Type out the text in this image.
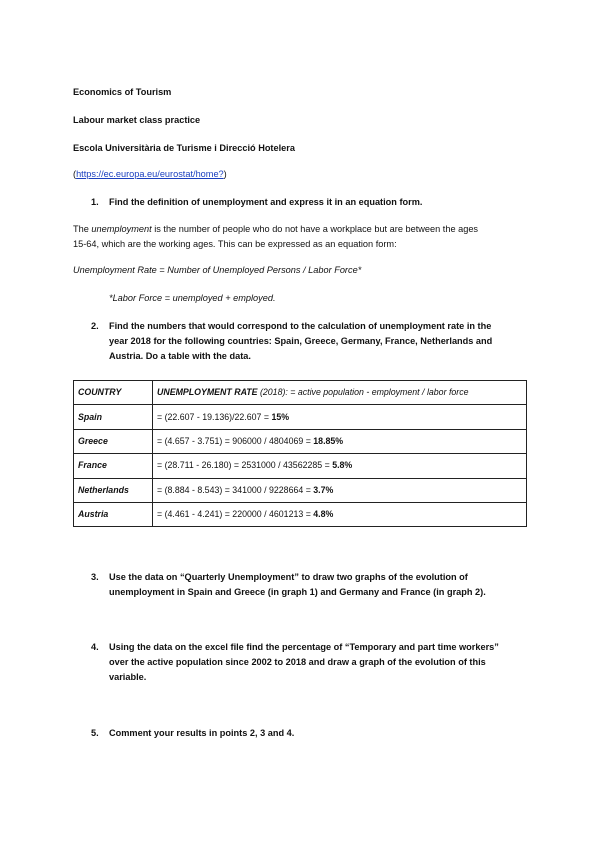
Economics of Tourism
Labour market class practice
Escola Universitària de Turisme i Direcció Hotelera
(https://ec.europa.eu/eurostat/home?)
1. Find the definition of unemployment and express it in an equation form.
The unemployment is the number of people who do not have a workplace but are between the ages
15-64, which are the working ages. This can be expressed as an equation form:
Unemployment Rate = Number of Unemployed Persons / Labor Force*
*Labor Force = unemployed + employed.
2. Find the numbers that would correspond to the calculation of unemployment rate in the
year 2018 for the following countries: Spain, Greece, Germany, France, Netherlands and
Austria. Do a table with the data.
COUNTRY	UNEMPLOYMENT RATE (2018): = active population - employment / labor force
Spain	= (22.607 - 19.136)/22.607 = 15%
Greece	= (4.657 - 3.751) = 906000 / 4804069 = 18.85%
France	= (28.711 - 26.180) = 2531000 / 43562285 = 5.8%
Netherlands	= (8.884 - 8.543) = 341000 / 9228664 = 3.7%
Austria	= (4.461 - 4.241) = 220000 / 4601213 = 4.8%
3. Use the data on “Quarterly Unemployment” to draw two graphs of the evolution of
unemployment in Spain and Greece (in graph 1) and Germany and France (in graph 2).
4. Using the data on the excel file find the percentage of “Temporary and part time workers”
over the active population since 2002 to 2018 and draw a graph of the evolution of this
variable.
5. Comment your results in points 2, 3 and 4.
